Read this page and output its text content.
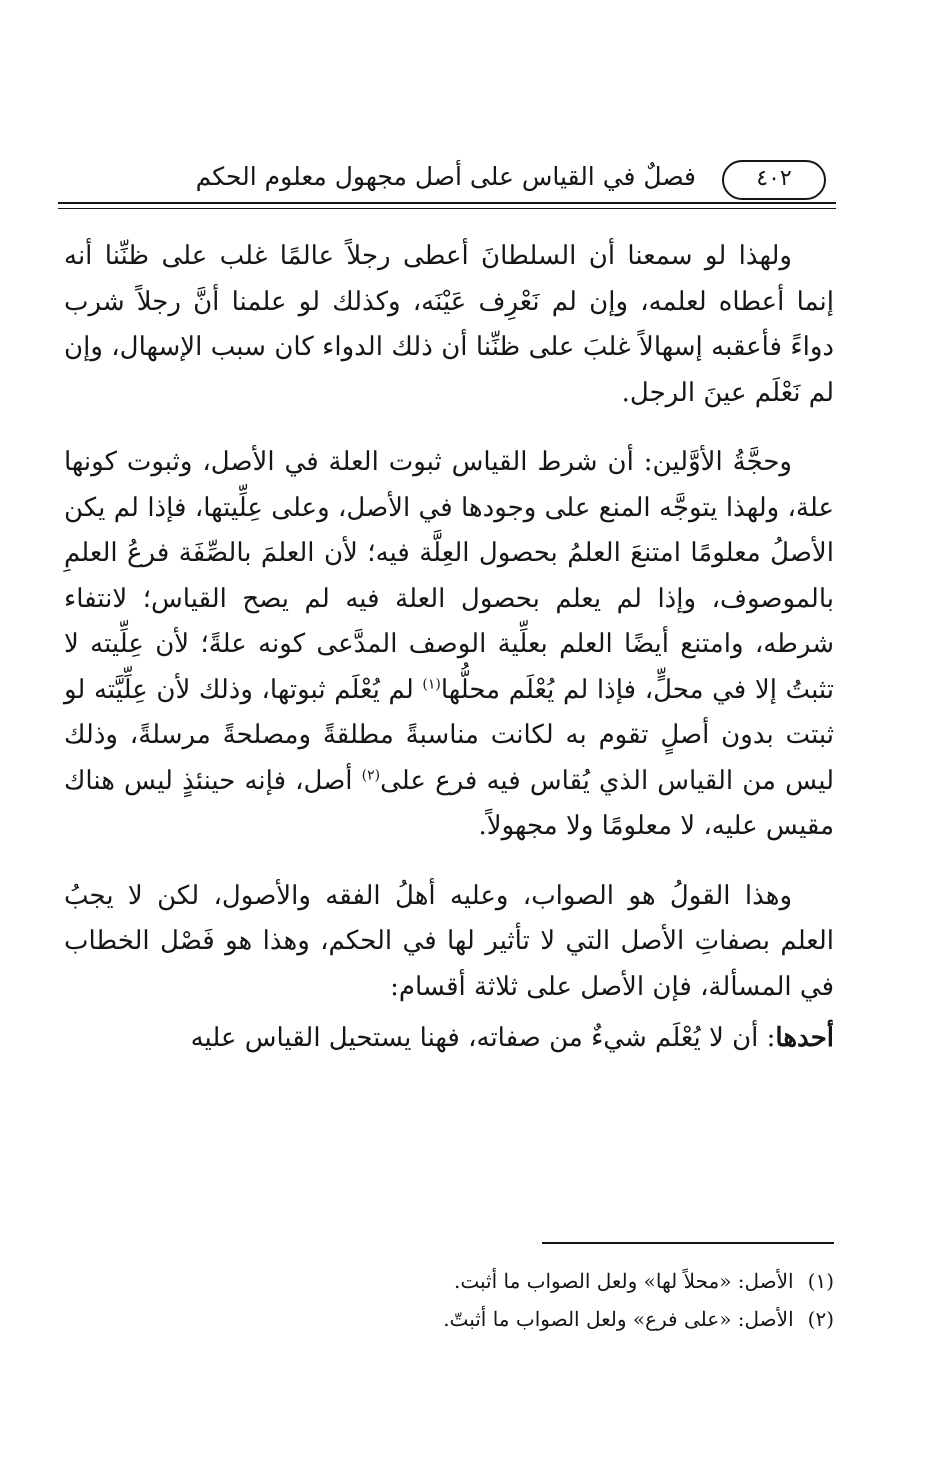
٤٠٢
فصلٌ في القياس على أصل مجهول معلوم الحكم

ولهذا لو سمعنا أن السلطانَ أعطى رجلاً عالمًا غلب على ظنِّنا أنه إنما أعطاه لعلمه، وإن لم نَعْرِف عَيْنَه، وكذلك لو علمنا أنَّ رجلاً شرب دواءً فأعقبه إسهالاً غلبَ على ظنِّنا أن ذلك الدواء كان سبب الإسهال، وإن لم نَعْلَم عينَ الرجل.

وحجَّةُ الأوَّلين: أن شرط القياس ثبوت العلة في الأصل، وثبوت كونها علة، ولهذا يتوجَّه المنع على وجودها في الأصل، وعلى عِلِّيتها، فإذا لم يكن الأصلُ معلومًا امتنعَ العلمُ بحصول العِلَّة فيه؛ لأن العلمَ بالصِّفَة فرعُ العلمِ بالموصوف، وإذا لم يعلم بحصول العلة فيه لم يصح القياس؛ لانتفاء شرطه، وامتنع أيضًا العلم بعلِّية الوصف المدَّعى كونه علةً؛ لأن عِلِّيته لا تثبتُ إلا في محلٍّ، فإذا لم يُعْلَم محلُّها$^{(١)}$ لم يُعْلَم ثبوتها، وذلك لأن عِلِّيَّته لو ثبتت بدون أصلٍ تقوم به لكانت مناسبةً مطلقةً ومصلحةً مرسلةً، وذلك ليس من القياس الذي يُقاس فيه فرع على$^{(٢)}$ أصل، فإنه حينئذٍ ليس هناك مقيس عليه، لا معلومًا ولا مجهولاً.

وهذا القولُ هو الصواب، وعليه أهلُ الفقه والأصول، لكن لا يجبُ العلم بصفاتِ الأصل التي لا تأثير لها في الحكم، وهذا هو فَصْل الخطاب في المسألة، فإن الأصل على ثلاثة أقسام:

أحدها: أن لا يُعْلَم شيءٌ من صفاته، فهنا يستحيل القياس عليه

(١)الأصل: «محلاً لها» ولعل الصواب ما أثبت.

(٢)الأصل: «على فرع» ولعل الصواب ما أثبتّ.
